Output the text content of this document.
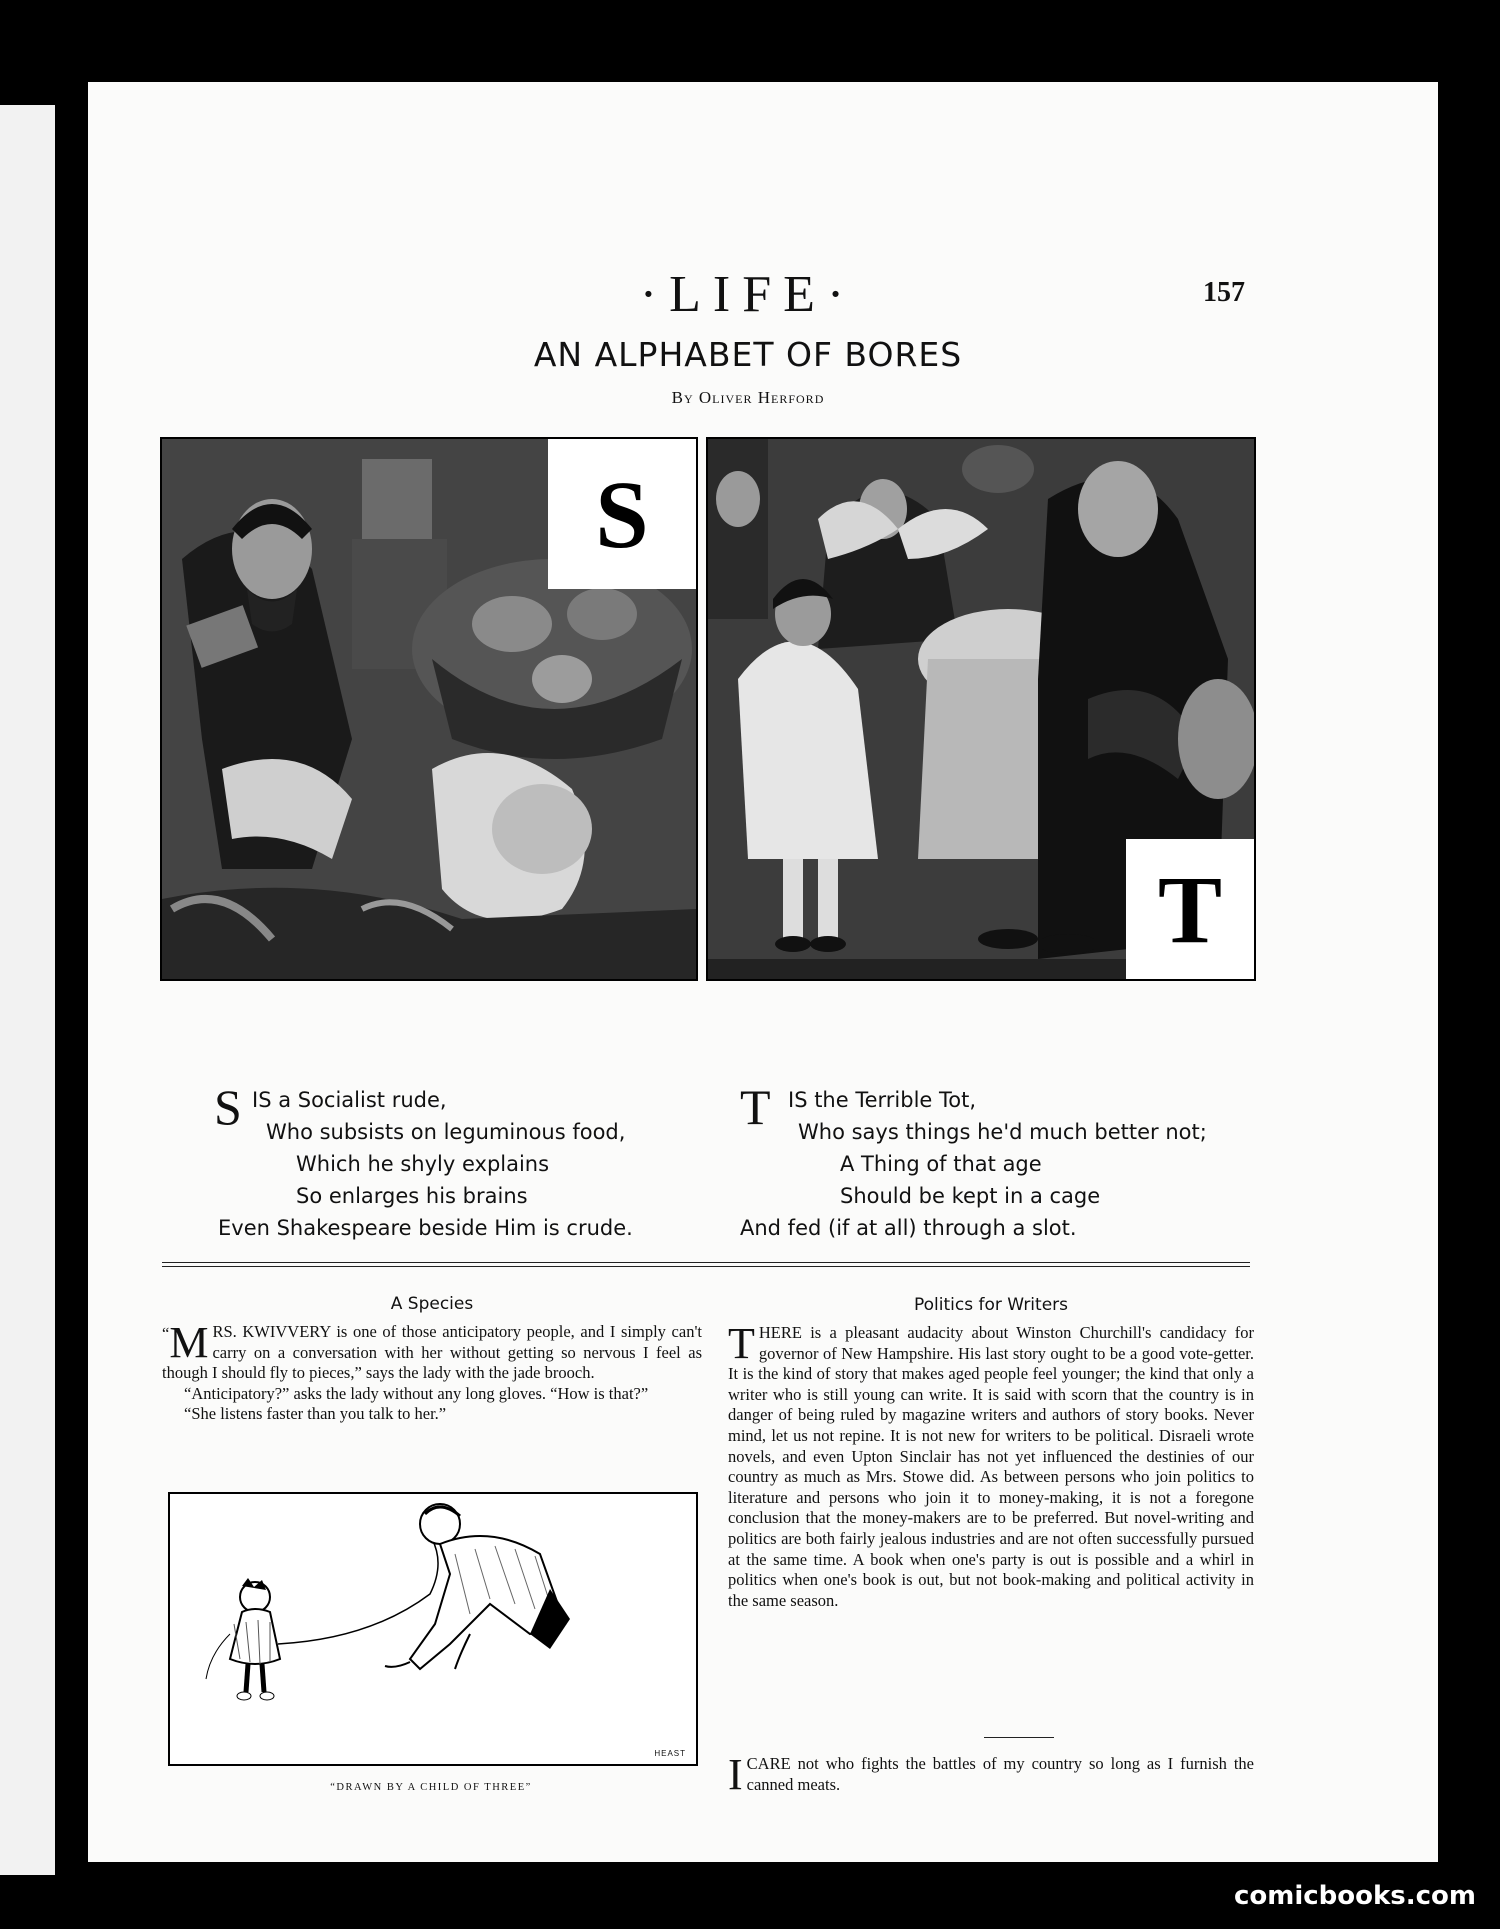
·LIFE·	157
AN ALPHABET OF BORES
By Oliver Herford
S
T
S IS a Socialist rude,
Who subsists on leguminous food,
Which he shyly explains
So enlarges his brains
Even Shakespeare beside Him is crude.
T IS the Terrible Tot,
Who says things he'd much better not;
A Thing of that age
Should be kept in a cage
And fed (if at all) through a slot.
A Species

“ M RS. KWIVVERY is one of those anticipatory people, and I simply can't carry on a conversation with her without getting so nervous I feel as though I should fly to pieces,” says the lady with the jade brooch.

“Anticipatory?” asks the lady without any long gloves. “How is that?”

“She listens faster than you talk to her.”

HEAST
“DRAWN BY A CHILD OF THREE”
Politics for Writers

THERE is a pleasant audacity about Winston Churchill's candidacy for governor of New Hampshire. His last story ought to be a good vote-getter. It is the kind of story that makes aged people feel younger; the kind that only a writer who is still young can write. It is said with scorn that the country is in danger of being ruled by magazine writers and authors of story books. Never mind, let us not repine. It is not new for writers to be political. Disraeli wrote novels, and even Upton Sinclair has not yet influenced the destinies of our country as much as Mrs. Stowe did. As between persons who join politics to literature and persons who join it to money-making, it is not a foregone conclusion that the money-makers are to be preferred. But novel-writing and politics are both fairly jealous industries and are not often successfully pursued at the same time. A book when one's party is out is possible and a whirl in politics when one's book is out, but not book-making and political activity in the same season.

ICARE not who fights the battles of my country so long as I furnish the canned meats.

comicbooks.com
